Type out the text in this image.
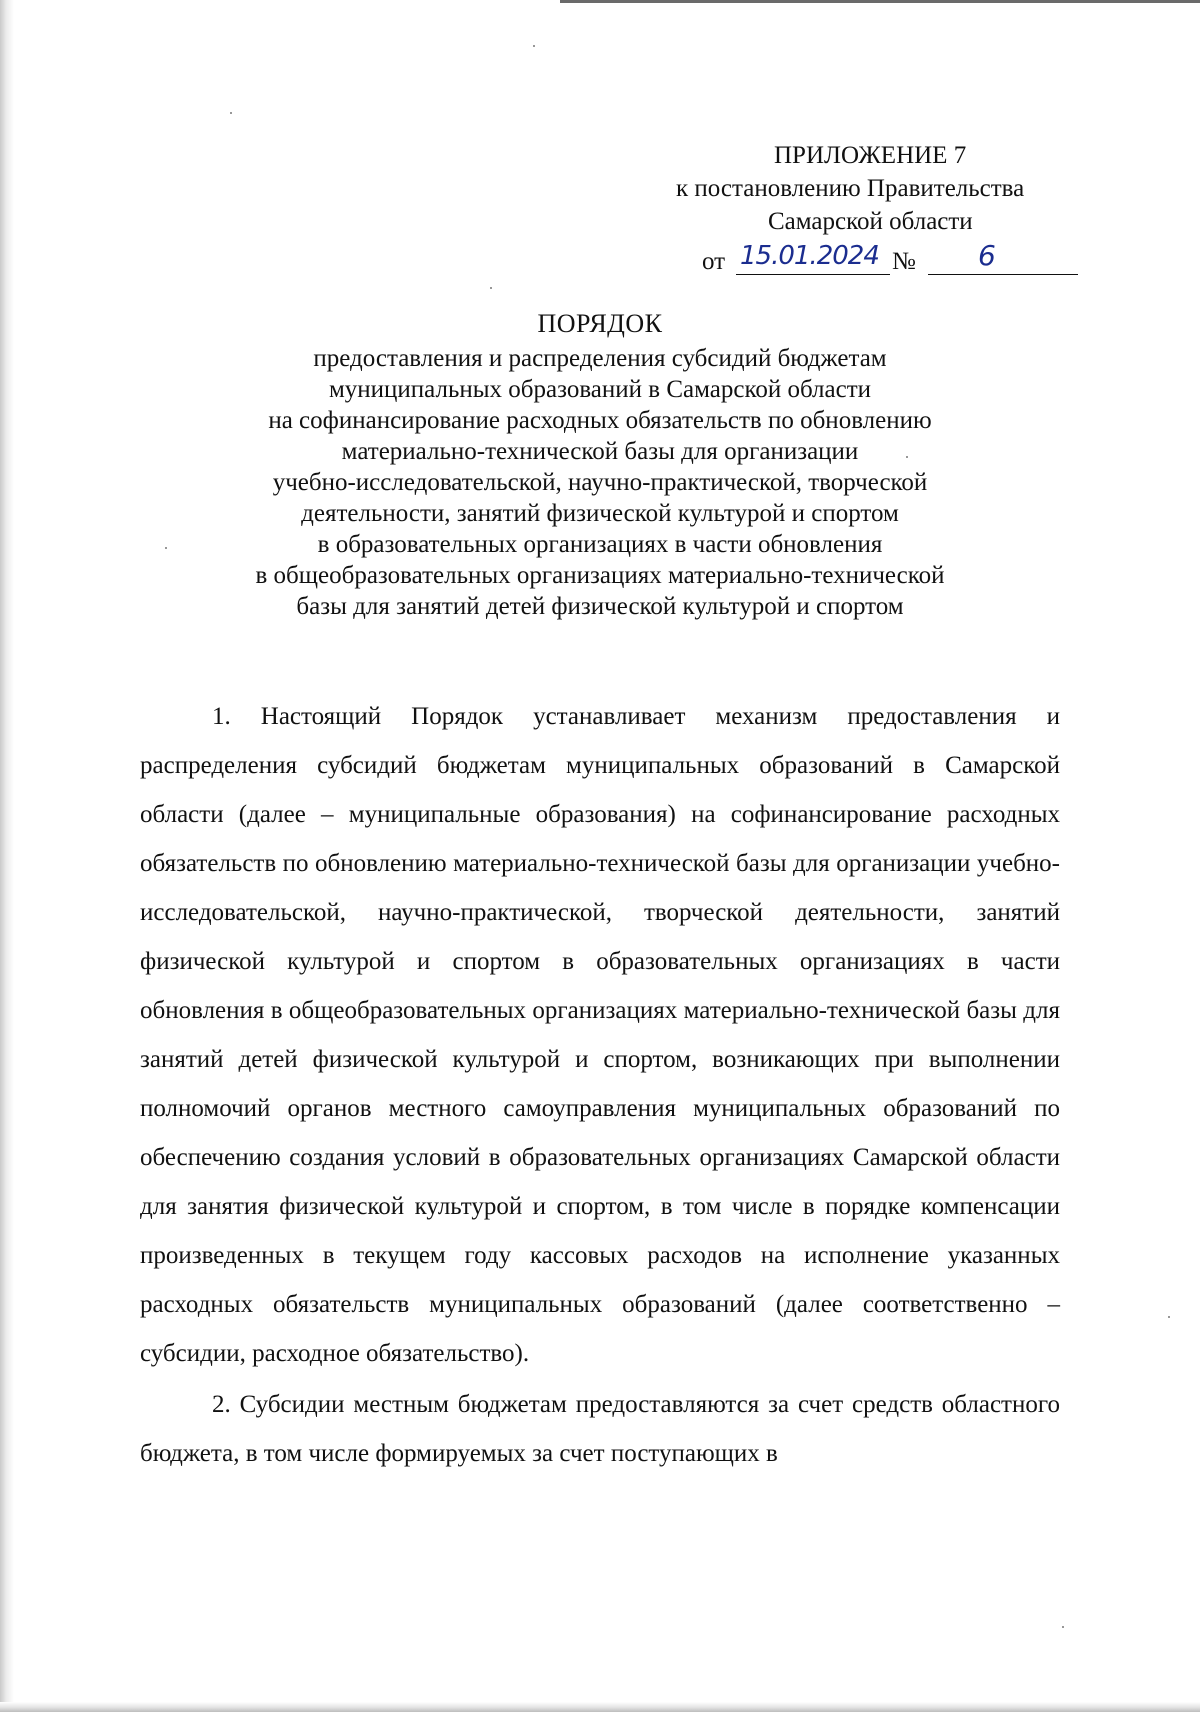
ПРИЛОЖЕНИЕ 7
к постановлению Правительства
Самарской области
от 15.01.2024 №	6
ПОРЯДОК
предоставления и распределения субсидий бюджетам
муниципальных образований в Самарской области
на софинансирование расходных обязательств по обновлению
материально-технической базы для организации
учебно-исследовательской, научно-практической, творческой
деятельности, занятий физической культурой и спортом
в образовательных организациях в части обновления
в общеобразовательных организациях материально-технической
базы для занятий детей физической культурой и спортом

1. Настоящий Порядок устанавливает механизм предоставления и распределения субсидий бюджетам муниципальных образований в Самарской области (далее – муниципальные образования) на софинансирование расходных обязательств по обновлению материально-технической базы для организации учебно-исследовательской, научно-практической, творческой деятельности, занятий физической культурой и спортом в образовательных организациях в части обновления в общеобразовательных организациях материально-технической базы для занятий детей физической культурой и спортом, возникающих при выполнении полномочий органов местного самоуправления муниципальных образований по обеспечению создания условий в образовательных организациях Самарской области для занятия физической культурой и спортом, в том числе в порядке компенсации произведенных в текущем году кассовых расходов на исполнение указанных расходных обязательств муниципальных образований (далее соответственно – субсидии, расходное обязательство).

2. Субсидии местным бюджетам предоставляются за счет средств областного бюджета, в том числе формируемых за счет поступающих в
